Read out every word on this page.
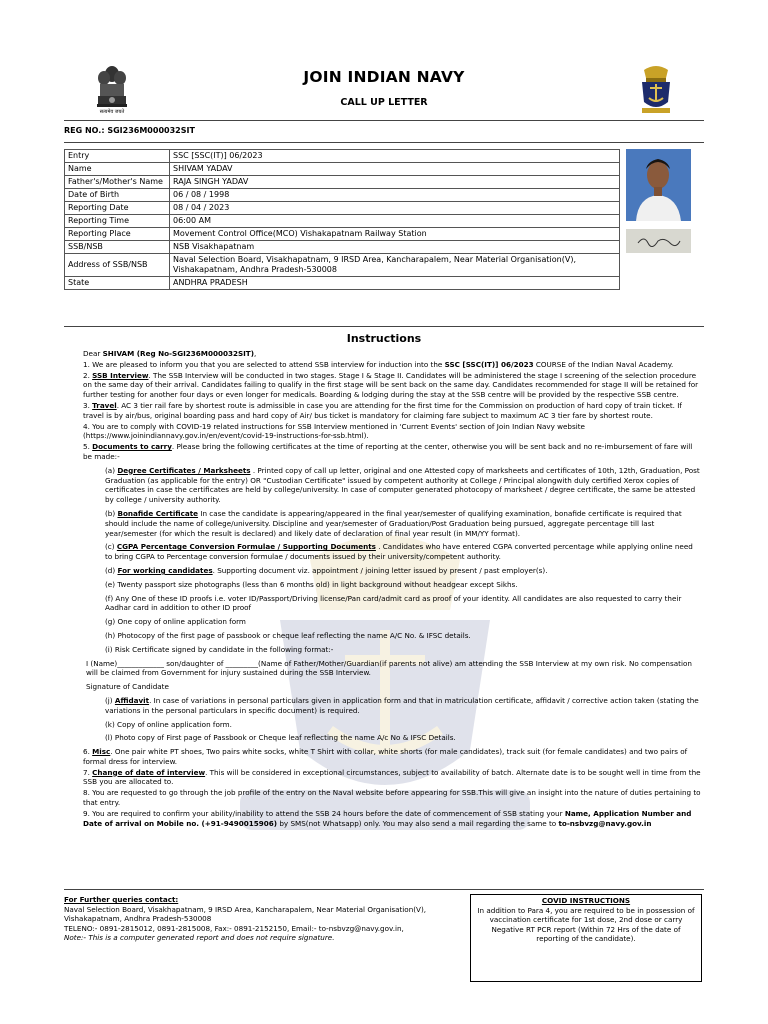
सत्यमेव जयते
JOIN INDIAN NAVY
CALL UP LETTER
REG NO.: SGI236M000032SIT
Entry	SSC [SSC(IT)] 06/2023
Name	SHIVAM YADAV
Father's/Mother's Name	RAJA SINGH YADAV
Date of Birth	06 / 08 / 1998
Reporting Date	08 / 04 / 2023
Reporting Time	06:00 AM
Reporting Place	Movement Control Office(MCO) Vishakapatnam Railway Station
SSB/NSB	NSB Visakhapatnam
Address of SSB/NSB	Naval Selection Board, Visakhapatnam, 9 IRSD Area, Kancharapalem, Near Material Organisation(V), Vishakapatnam, Andhra Pradesh-530008
State	ANDHRA PRADESH
Instructions

Dear SHIVAM (Reg No-SGI236M000032SIT),

1. We are pleased to inform you that you are selected to attend SSB interview for induction into the SSC [SSC(IT)] 06/2023 COURSE of the Indian Naval Academy.

2. SSB Interview. The SSB Interview will be conducted in two stages. Stage I & Stage II. Candidates will be administered the stage I screening of the selection procedure on the same day of their arrival. Candidates failing to qualify in the first stage will be sent back on the same day. Candidates recommended for stage II will be retained for further testing for another four days or even longer for medicals. Boarding & lodging during the stay at the SSB centre will be provided by the respective SSB centre.

3. Travel. AC 3 tier rail fare by shortest route is admissible in case you are attending for the first time for the Commission on production of hard copy of train ticket. If travel is by air/bus, original boarding pass and hard copy of Air/ bus ticket is mandatory for claiming fare subject to maximum AC 3 tier fare by shortest route.

4. You are to comply with COVID-19 related instructions for SSB Interview mentioned in 'Current Events' section of Join Indian Navy website (https://www.joinindiannavy.gov.in/en/event/covid-19-instructions-for-ssb.html).

5. Documents to carry. Please bring the following certificates at the time of reporting at the center, otherwise you will be sent back and no re-imbursement of fare will be made:-

(a) Degree Certificates / Marksheets . Printed copy of call up letter, original and one Attested copy of marksheets and certificates of 10th, 12th, Graduation, Post Graduation (as applicable for the entry) OR "Custodian Certificate" issued by competent authority at College / Principal alongwith duly certified Xerox copies of certificates in case the certificates are held by college/university. In case of computer generated photocopy of marksheet / degree certificate, the same be attested by college / university authority.

(b) Bonafide Certificate In case the candidate is appearing/appeared in the final year/semester of qualifying examination, bonafide certificate is required that should include the name of college/university. Discipline and year/semester of Graduation/Post Graduation being pursued, aggregate percentage till last year/semester (for which the result is declared) and likely date of declaration of final year result (in MM/YY format).

(c) CGPA Percentage Conversion Formulae / Supporting Documents . Candidates who have entered CGPA converted percentage while applying online need to bring CGPA to Percentage conversion formulae / documents issued by their university/competent authority.

(d) For working candidates. Supporting document viz. appointment / joining letter issued by present / past employer(s).

(e) Twenty passport size photographs (less than 6 months old) in light background without headgear except Sikhs.

(f) Any One of these ID proofs i.e. voter ID/Passport/Driving license/Pan card/admit card as proof of your identity. All candidates are also requested to carry their Aadhar card in addition to other ID proof

(g) One copy of online application form

(h) Photocopy of the first page of passbook or cheque leaf reflecting the name A/C No. & IFSC details.

(i) Risk Certificate signed by candidate in the following format:-

I (Name)_____________ son/daughter of _________(Name of Father/Mother/Guardian(if parents not alive) am attending the SSB Interview at my own risk. No compensation will be claimed from Government for injury sustained during the SSB Interview.

Signature of Candidate

(j) Affidavit. In case of variations in personal particulars given in application form and that in matriculation certificate, affidavit / corrective action taken (stating the variations in the personal particulars in specific document) is required.

(k) Copy of online application form.

(l) Photo copy of First page of Passbook or Cheque leaf reflecting the name A/c No & IFSC Details.

6. Misc. One pair white PT shoes, Two pairs white socks, white T Shirt with collar, white shorts (for male candidates), track suit (for female candidates) and two pairs of formal dress for interview.

7. Change of date of interview. This will be considered in exceptional circumstances, subject to availability of batch. Alternate date is to be sought well in time from the SSB you are allocated to.

8. You are requested to go through the job profile of the entry on the Naval website before appearing for SSB.This will give an insight into the nature of duties pertaining to that entry.

9. You are required to confirm your ability/inability to attend the SSB 24 hours before the date of commencement of SSB stating your Name, Application Number and Date of arrival on Mobile no. (+91-9490015906) by SMS(not Whatsapp) only. You may also send a mail regarding the same to to-nsbvzg@navy.gov.in

For Further queries contact:
Naval Selection Board, Visakhapatnam, 9 IRSD Area, Kancharapalem, Near Material Organisation(V), Vishakapatnam, Andhra Pradesh-530008
TELENO:- 0891-2815012, 0891-2815008, Fax:- 0891-2152150, Email:- to-nsbvzg@navy.gov.in,
Note:- This is a computer generated report and does not require signature.
COVID INSTRUCTIONS
In addition to Para 4, you are required to be in possession of vaccination certificate for 1st dose, 2nd dose or carry Negative RT PCR report (Within 72 Hrs of the date of reporting of the candidate).
